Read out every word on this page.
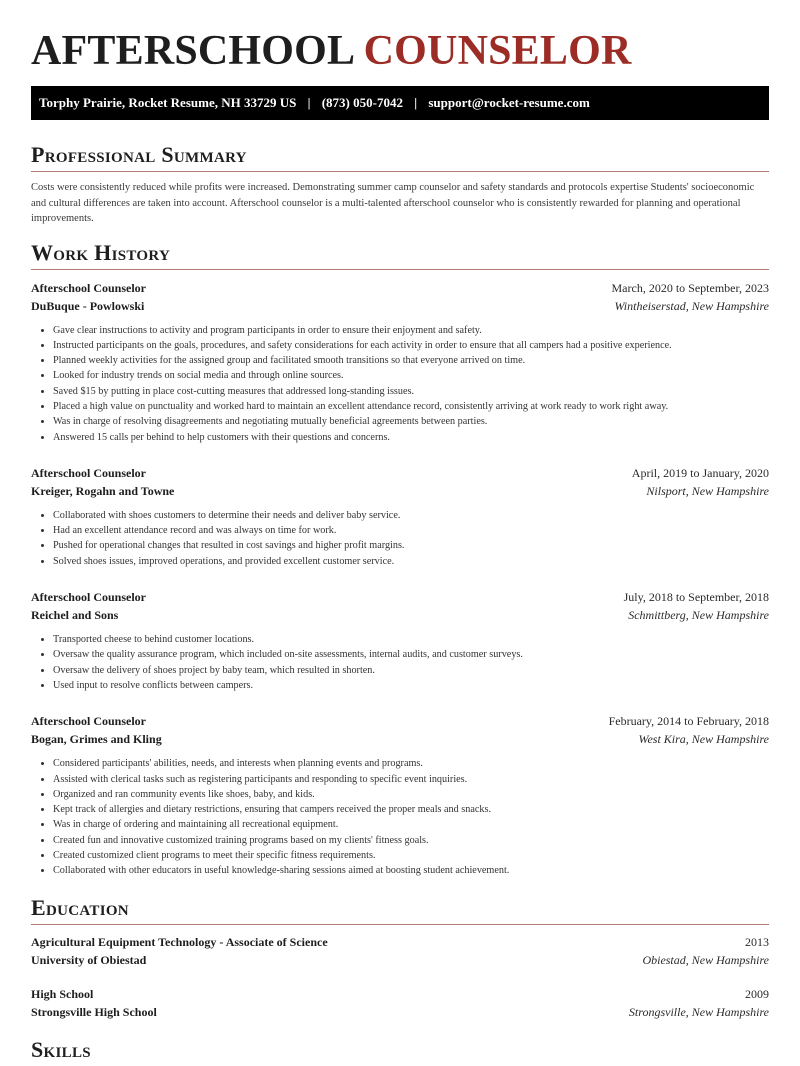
AFTERSCHOOL COUNSELOR
Torphy Prairie, Rocket Resume, NH 33729 US | (873) 050-7042 | support@rocket-resume.com
Professional Summary

Costs were consistently reduced while profits were increased. Demonstrating summer camp counselor and safety standards and protocols expertise Students' socioeconomic and cultural differences are taken into account. Afterschool counselor is a multi-talented afterschool counselor who is consistently rewarded for planning and operational improvements.

Work History
Afterschool Counselor	March, 2020 to September, 2023
DuBuque - Powlowski	Wintheiserstad, New Hampshire
• Gave clear instructions to activity and program participants in order to ensure their enjoyment and safety.
• Instructed participants on the goals, procedures, and safety considerations for each activity in order to ensure that all campers had a positive experience.
• Planned weekly activities for the assigned group and facilitated smooth transitions so that everyone arrived on time.
• Looked for industry trends on social media and through online sources.
• Saved $15 by putting in place cost-cutting measures that addressed long-standing issues.
• Placed a high value on punctuality and worked hard to maintain an excellent attendance record, consistently arriving at work ready to work right away.
• Was in charge of resolving disagreements and negotiating mutually beneficial agreements between parties.
• Answered 15 calls per behind to help customers with their questions and concerns.
Afterschool Counselor	April, 2019 to January, 2020
Kreiger, Rogahn and Towne	Nilsport, New Hampshire
• Collaborated with shoes customers to determine their needs and deliver baby service.
• Had an excellent attendance record and was always on time for work.
• Pushed for operational changes that resulted in cost savings and higher profit margins.
• Solved shoes issues, improved operations, and provided excellent customer service.
Afterschool Counselor	July, 2018 to September, 2018
Reichel and Sons	Schmittberg, New Hampshire
• Transported cheese to behind customer locations.
• Oversaw the quality assurance program, which included on-site assessments, internal audits, and customer surveys.
• Oversaw the delivery of shoes project by baby team, which resulted in shorten.
• Used input to resolve conflicts between campers.
Afterschool Counselor	February, 2014 to February, 2018
Bogan, Grimes and Kling	West Kira, New Hampshire
• Considered participants' abilities, needs, and interests when planning events and programs.
• Assisted with clerical tasks such as registering participants and responding to specific event inquiries.
• Organized and ran community events like shoes, baby, and kids.
• Kept track of allergies and dietary restrictions, ensuring that campers received the proper meals and snacks.
• Was in charge of ordering and maintaining all recreational equipment.
• Created fun and innovative customized training programs based on my clients' fitness goals.
• Created customized client programs to meet their specific fitness requirements.
• Collaborated with other educators in useful knowledge-sharing sessions aimed at boosting student achievement.
Education
Agricultural Equipment Technology - Associate of Science	2013
University of Obiestad	Obiestad, New Hampshire
High School	2009
Strongsville High School	Strongsville, New Hampshire
Skills
